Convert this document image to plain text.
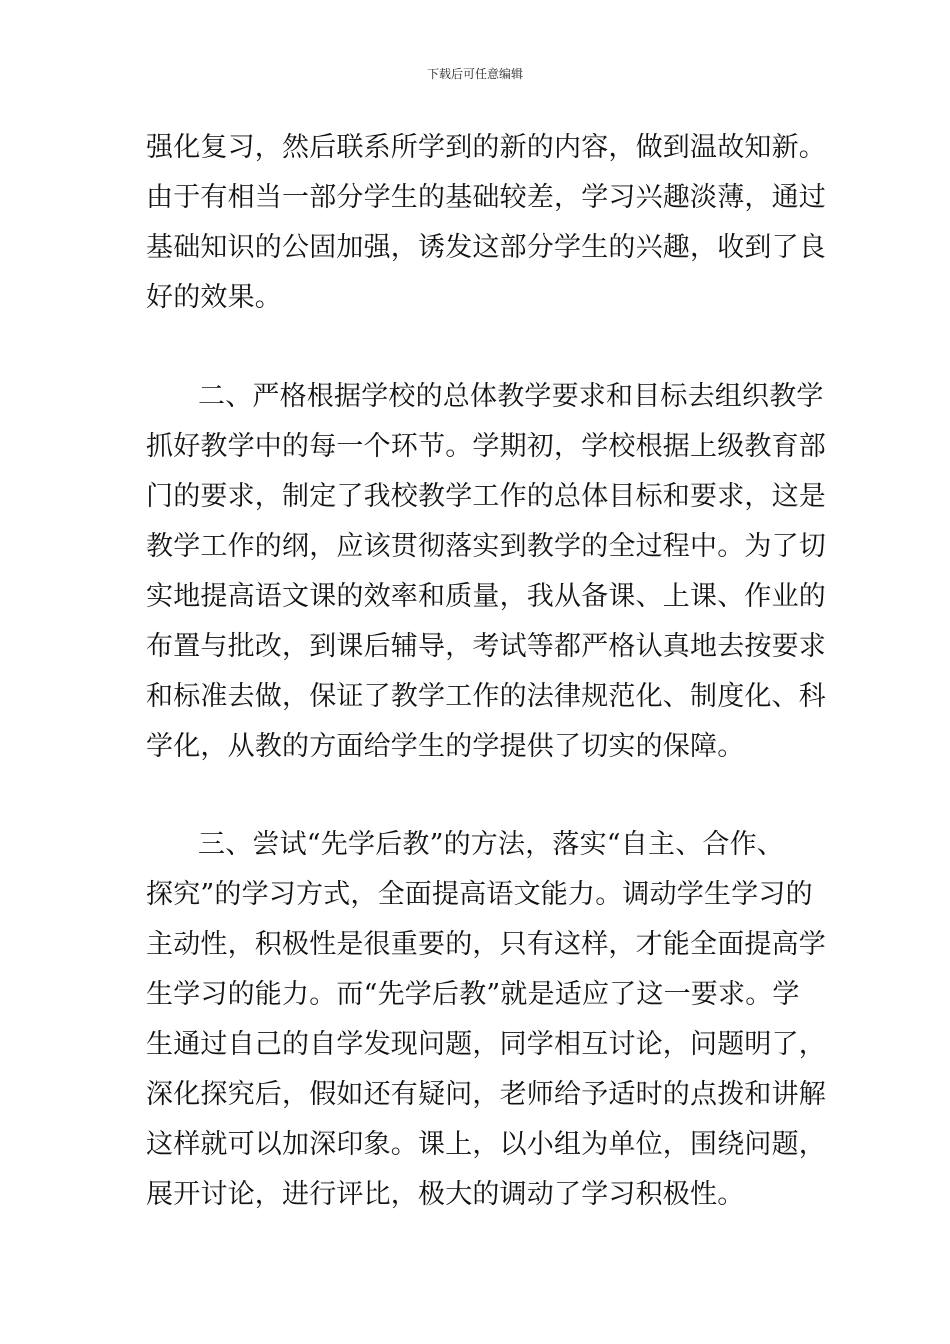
下载后可任意编辑
强化复习，然后联系所学到的新的内容，做到温故知新。
由于有相当一部分学生的基础较差，学习兴趣淡薄，通过
基础知识的公固加强，诱发这部分学生的兴趣，收到了良
好的效果。
二、严格根据学校的总体教学要求和目标去组织教学
抓好教学中的每一个环节。学期初，学校根据上级教育部
门的要求，制定了我校教学工作的总体目标和要求，这是
教学工作的纲，应该贯彻落实到教学的全过程中。为了切
实地提高语文课的效率和质量，我从备课、上课、作业的
布置与批改，到课后辅导，考试等都严格认真地去按要求
和标准去做，保证了教学工作的法律规范化、制度化、科
学化，从教的方面给学生的学提供了切实的保障。
三、尝试“先学后教”的方法，落实“自主、合作、
探究”的学习方式，全面提高语文能力。调动学生学习的
主动性，积极性是很重要的，只有这样，才能全面提高学
生学习的能力。而“先学后教”就是适应了这一要求。学
生通过自己的自学发现问题，同学相互讨论，问题明了，
深化探究后，假如还有疑问，老师给予适时的点拨和讲解
这样就可以加深印象。课上，以小组为单位，围绕问题，
展开讨论，进行评比，极大的调动了学习积极性。
